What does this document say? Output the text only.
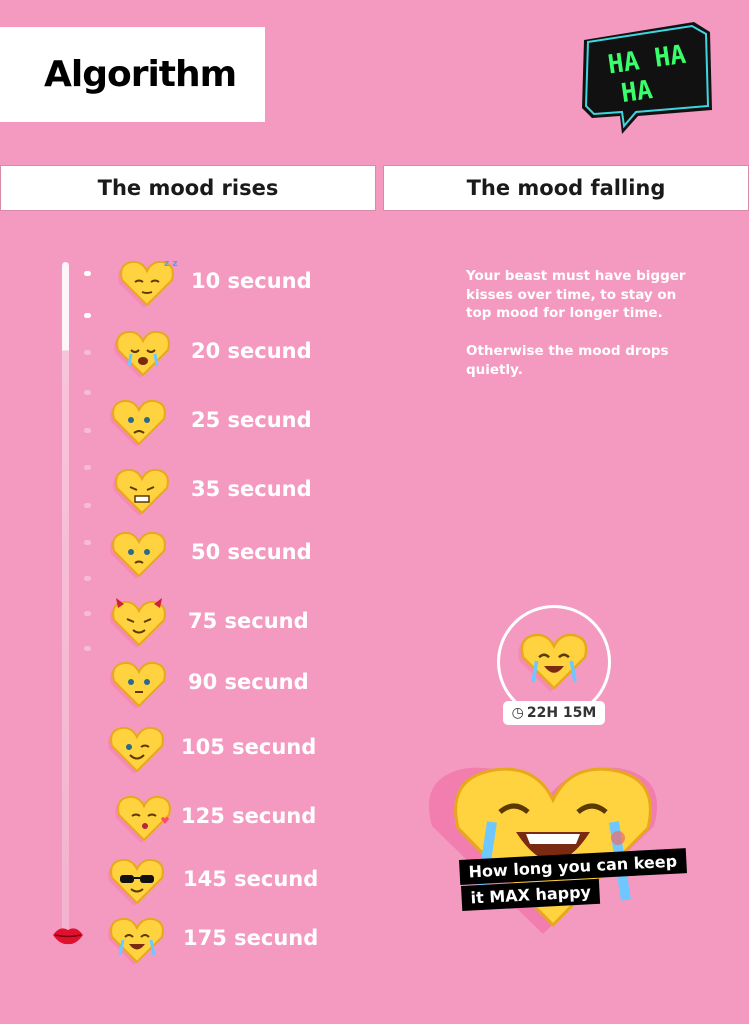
Algorithm	HA HA
HA
The mood rises	The mood falling
z z
10 secund
20 secund
25 secund
35 secund
50 secund
75 secund
90 secund
105 secund
125 secund
145 secund
175 secund
Your beast must have bigger kisses over time, to stay on top mood for longer time.
Otherwise the mood drops quietly.
◷ 22H 15M
How long you can keep
it MAX happy
